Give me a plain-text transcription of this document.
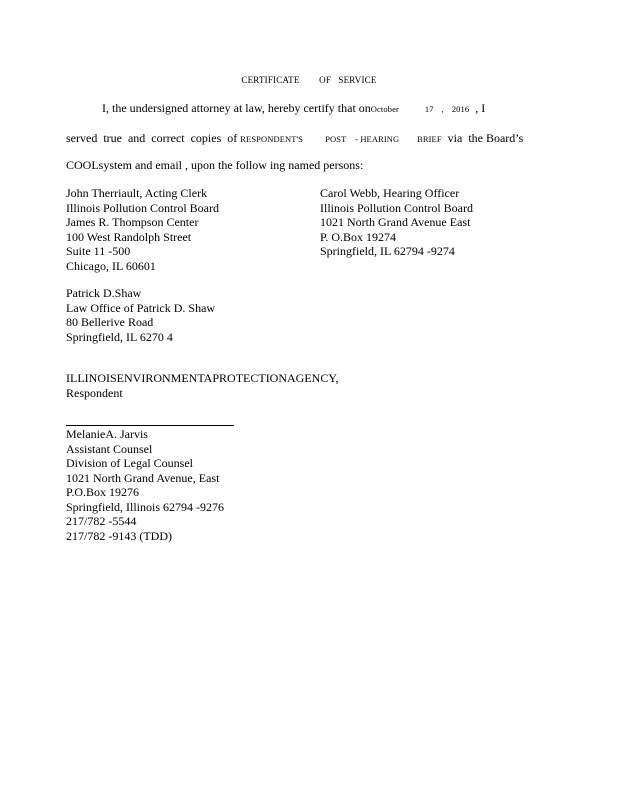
CERTIFICATE        OF   SERVICE
I, the undersigned attorney at law, hereby certify that onOctober	17 , 2016 , I
served  true  and  correct  copies  of RESPONDENT'S          POST    - HEARING        BRIEF  via  the Board’s
COOLsystem and email , upon the follow ing named persons:
John Therriault, Acting Clerk
Illinois Pollution Control Board
James R. Thompson Center
100 West Randolph Street
Suite 11 -500
Chicago, IL 60601
Carol Webb, Hearing Officer
Illinois Pollution Control Board
1021 North Grand Avenue East
P. O.Box 19274
Springfield, IL 62794 -9274
Patrick D.Shaw
Law Office of Patrick D. Shaw
80 Bellerive Road
Springfield, IL 6270 4
ILLINOISENVIRONMENTAPROTECTIONAGENCY,
Respondent
MelanieA. Jarvis
Assistant Counsel
Division of Legal Counsel
1021 North Grand Avenue, East
P.O.Box 19276
Springfield, Illinois 62794 -9276
217/782 -5544
217/782 -9143 (TDD)
